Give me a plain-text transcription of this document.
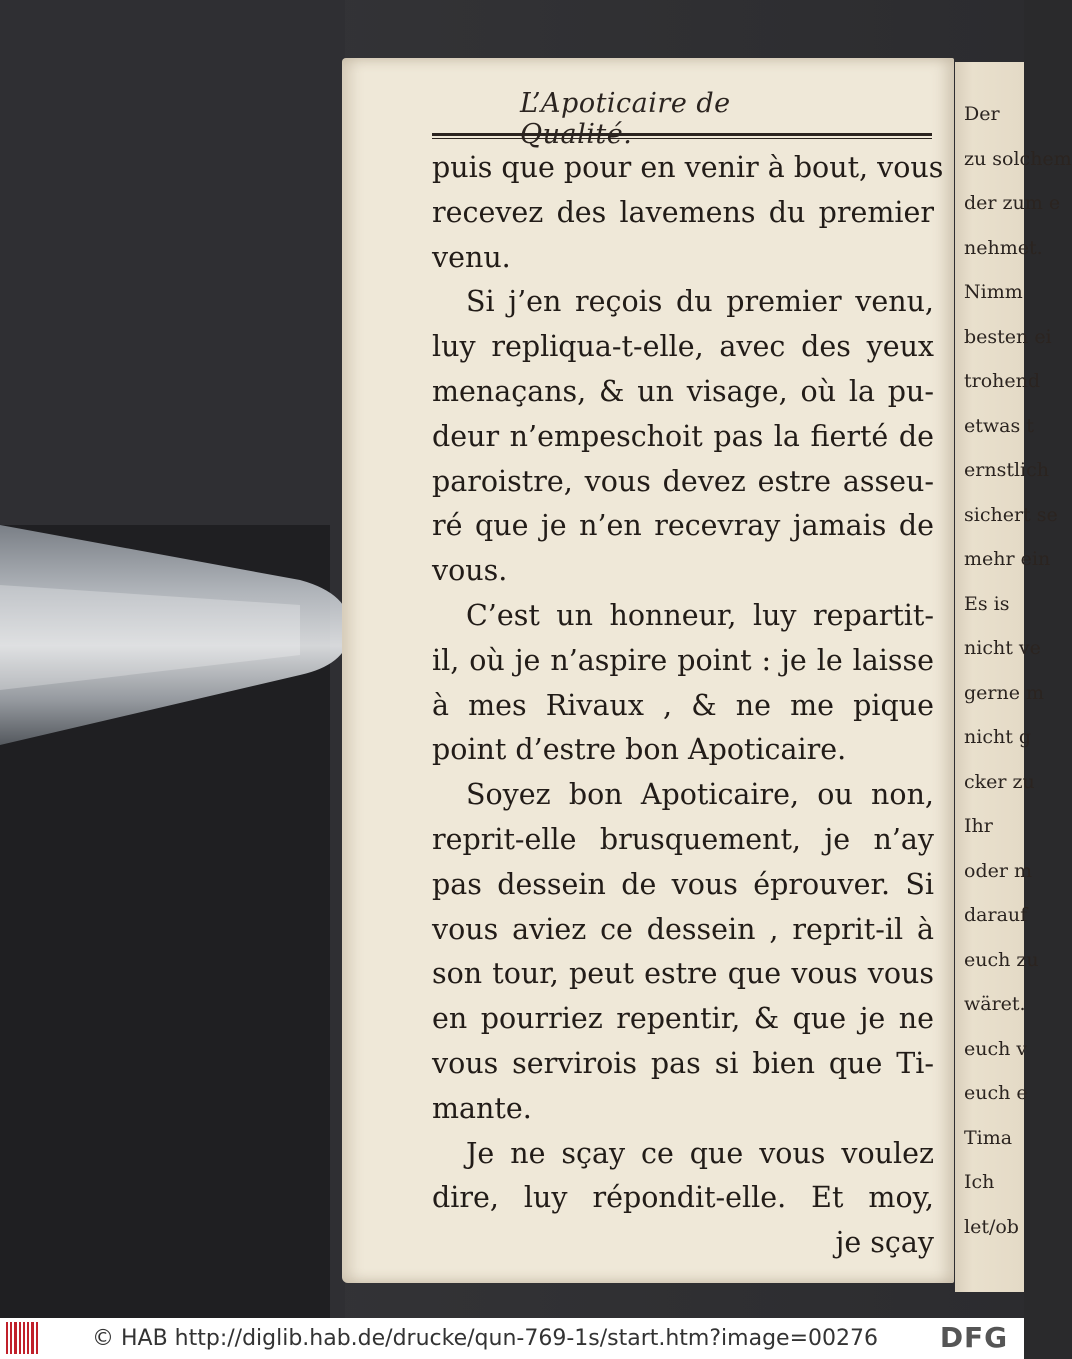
Der
zu solchem
der zum e
nehmet.
Nimm
besten ei
trohend
etwas t
ernstlich
sichert se
mehr ein
Es is
nicht ve
gerne m
nicht g
cker zu
Ihr
oder m
darauf
euch zu
wäret.
euch v
euch e
Tima
Ich
let/ob
L’Apoticaire de Qualité.
puis que pour en venir à bout, vous
recevez des lavemens du premier
venu.
Si j’en reçois du premier venu,
luy repliqua-t-elle, avec des yeux
menaçans, & un visage, où la pu-
deur n’empeschoit pas la fierté de
paroistre, vous devez estre asseu-
ré que je n’en recevray jamais de
vous.
C’est un honneur, luy repartit-
il, où je n’aspire point : je le laisse
à mes Rivaux , & ne me pique
point d’estre bon Apoticaire.
Soyez bon Apoticaire, ou non,
reprit-elle brusquement, je n’ay
pas dessein de vous éprouver. Si
vous aviez ce dessein , reprit-il à
son tour, peut estre que vous vous
en pourriez repentir, & que je ne
vous servirois pas si bien que Ti-
mante.
Je ne sçay ce que vous voulez
dire, luy répondit-elle. Et moy,
je sçay
© HAB http://diglib.hab.de/drucke/qun-769-1s/start.htm?image=00276	DFG
